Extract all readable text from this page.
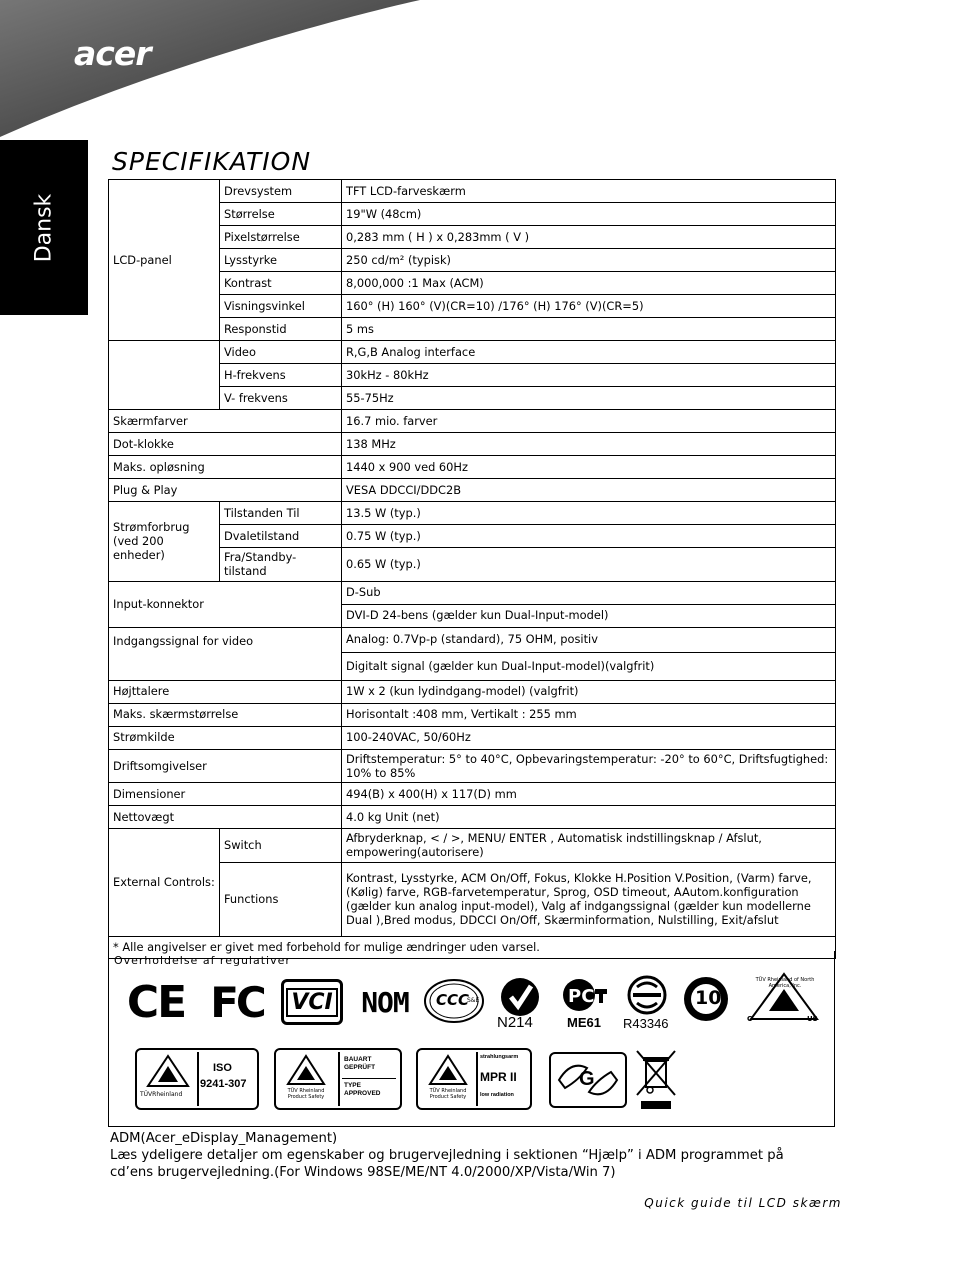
acer
Dansk
SPECIFIKATION
LCD-panel	Drevsystem	TFT LCD-farveskærm
	Størrelse	19"W (48cm)
	Pixelstørrelse	0,283 mm ( H ) x 0,283mm ( V )
	Lysstyrke	250 cd/m² (typisk)
	Kontrast	8,000,000 :1 Max (ACM)
	Visningsvinkel	160° (H) 160° (V)(CR=10) /176° (H) 176° (V)(CR=5)
	Responstid	5 ms
	Video	R,G,B Analog interface
	H-frekvens	30kHz - 80kHz
	V- frekvens	55-75Hz
Skærmfarver		16.7 mio. farver
Dot-klokke		138 MHz
Maks. opløsning		1440 x 900 ved 60Hz
Plug & Play		VESA DDCCI/DDC2B
Strømforbrug (ved 200 enheder)	Tilstanden Til	13.5 W (typ.)
	Dvaletilstand	0.75 W (typ.)
	Fra/Standby-tilstand	0.65 W (typ.)
Input-konnektor		D-Sub
		DVI-D 24-bens (gælder kun Dual-Input-model)
Indgangssignal for video		Analog: 0.7Vp-p (standard), 75 OHM, positiv
		Digitalt signal (gælder kun Dual-Input-model)(valgfrit)
Højttalere		1W x 2 (kun lydindgang-model) (valgfrit)
Maks. skærmstørrelse		Horisontalt :408 mm, Vertikalt : 255 mm
Strømkilde		100-240VAC, 50/60Hz
Driftsomgivelser		Driftstemperatur: 5° to 40°C, Opbevaringstemperatur: -20° to 60°C, Driftsfugtighed: 10% to 85%
Dimensioner		494(B) x 400(H) x 117(D) mm
Nettovægt		4.0 kg Unit (net)
External Controls:	Switch	Afbryderknap, < / >, MENU/ ENTER , Automatisk indstillingsknap / Afslut, empowering(autorisere)
	Functions	Kontrast, Lysstyrke, ACM On/Off, Fokus, Klokke H.Position V.Position, (Varm) farve, (Kølig) farve, RGB-farvetemperatur, Sprog, OSD timeout, AAutom.konfiguration (gælder kun analog input-model), Valg af indgangssignal (gælder kun modellerne Dual ),Bred modus, DDCCI On/Off, Skærminformation, Nulstilling, Exit/afslut
* Alle angivelser er givet med forbehold for mulige ændringer uden varsel.		
Overholdelse af regulativer
CE FC VCI NOM CCC
S&E
N214
PC
ME61 R43346
10
TÜV Rheinland of North America, Inc.
C	US
TÜVRheinland
ISO
9241-307
TÜV Rheinland Product Safety
BAUART GEPRÜFT
TYPE APPROVED	TÜV Rheinland Product Safety
strahlungsarm
MPR II
low radiation
G
ADM(Acer_eDisplay_Management)
Læs ydeligere detaljer om egenskaber og brugervejledning i sektionen “Hjælp” i ADM programmet på cd’ens brugervejledning.(For Windows 98SE/ME/NT 4.0/2000/XP/Vista/Win 7)
Quick guide til LCD skærm
